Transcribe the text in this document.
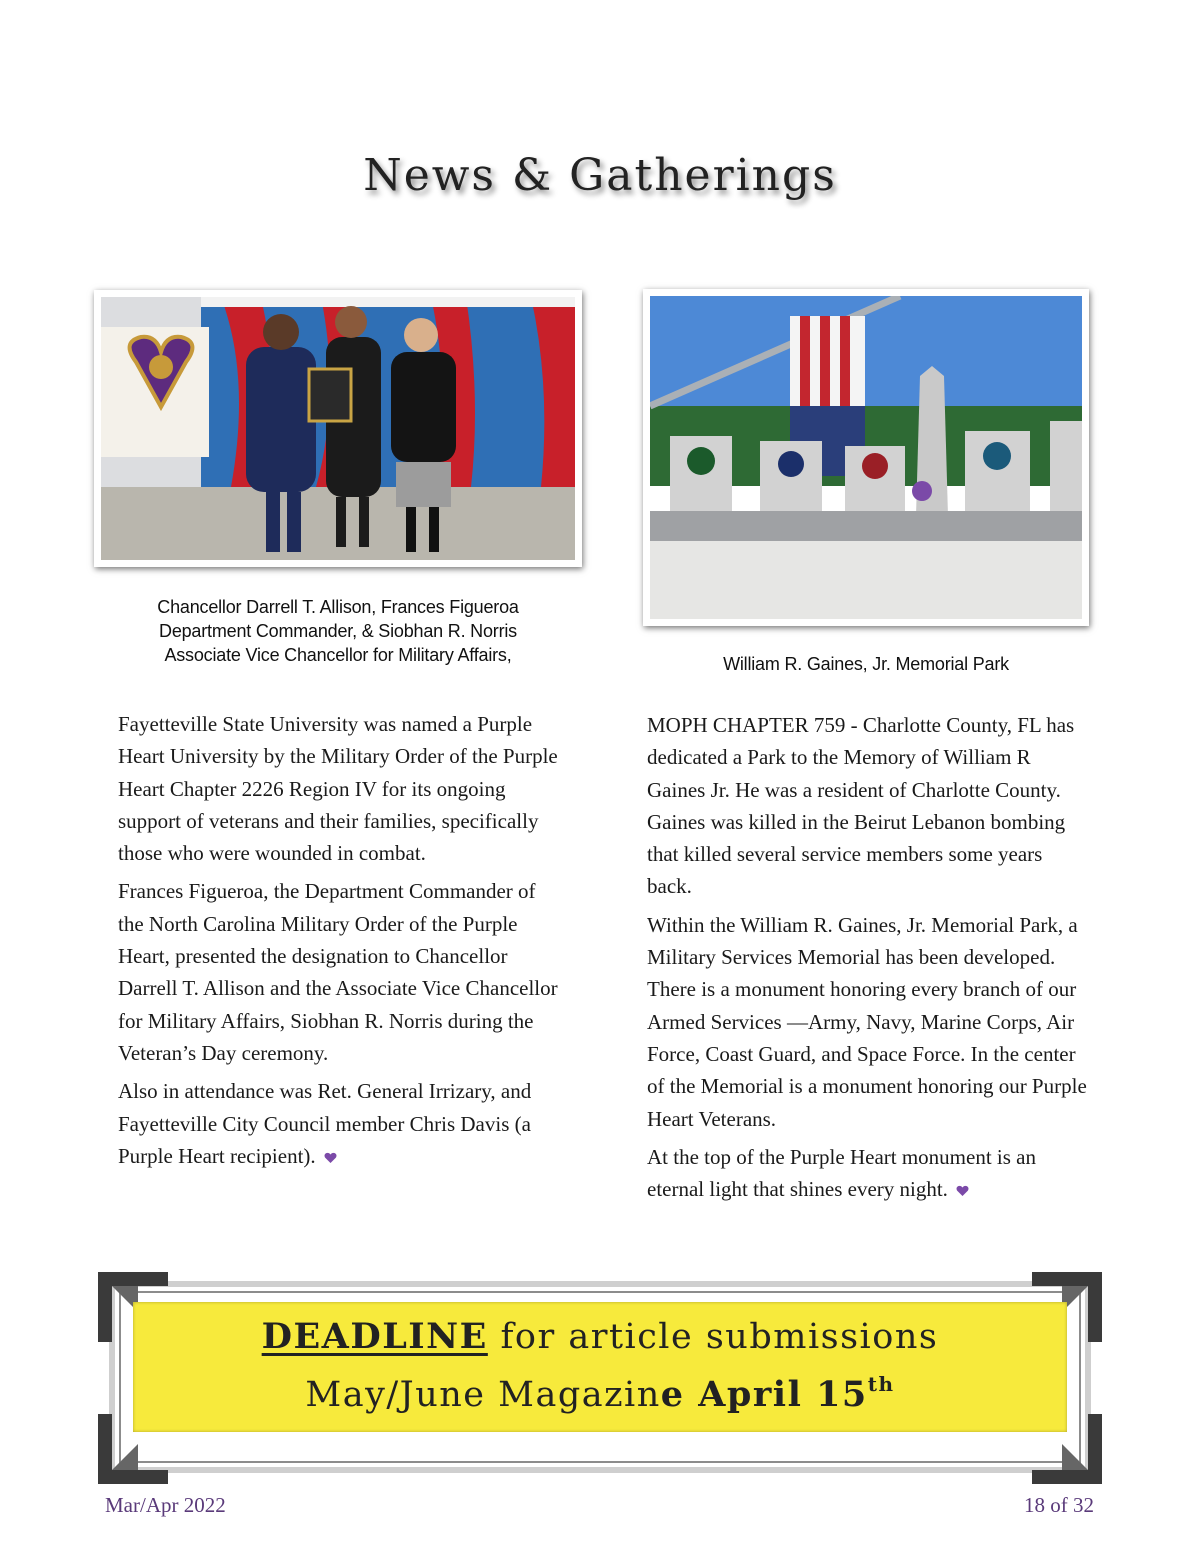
News & Gatherings
Chancellor Darrell T. Allison, Frances Figueroa
Department Commander, & Siobhan R. Norris
Associate Vice Chancellor for Military Affairs,	William R. Gaines, Jr. Memorial Park

Fayetteville State University was named a Purple Heart University by the Military Order of the Purple Heart Chapter 2226 Region IV for its ongoing support of veterans and their families, specifically those who were wounded in combat.

Frances Figueroa, the Department Commander of the North Carolina Military Order of the Purple Heart, presented the designation to Chancellor Darrell T. Allison and the Associate Vice Chancellor for Military Affairs, Siobhan R. Norris during the Veteran’s Day ceremony.

Also in attendance was Ret. General Irrizary, and Fayetteville City Council member Chris Davis (a Purple Heart recipient).

MOPH CHAPTER 759 - Charlotte County, FL has dedicated a Park to the Memory of William R Gaines Jr. He was a resident of Charlotte County. Gaines was killed in the Beirut Lebanon bombing that killed several service members some years back.

Within the William R. Gaines, Jr. Memorial Park, a Military Services Memorial has been developed. There is a monument honoring every branch of our Armed Services —Army, Navy, Marine Corps, Air Force, Coast Guard, and Space Force. In the center of the Memorial is a monument honoring our Purple Heart Veterans.

At the top of the Purple Heart monument is an eternal light that shines every night.

DEADLINE for article submissions
May/June Magazine April 15th
Mar/Apr 2022	18 of 32
